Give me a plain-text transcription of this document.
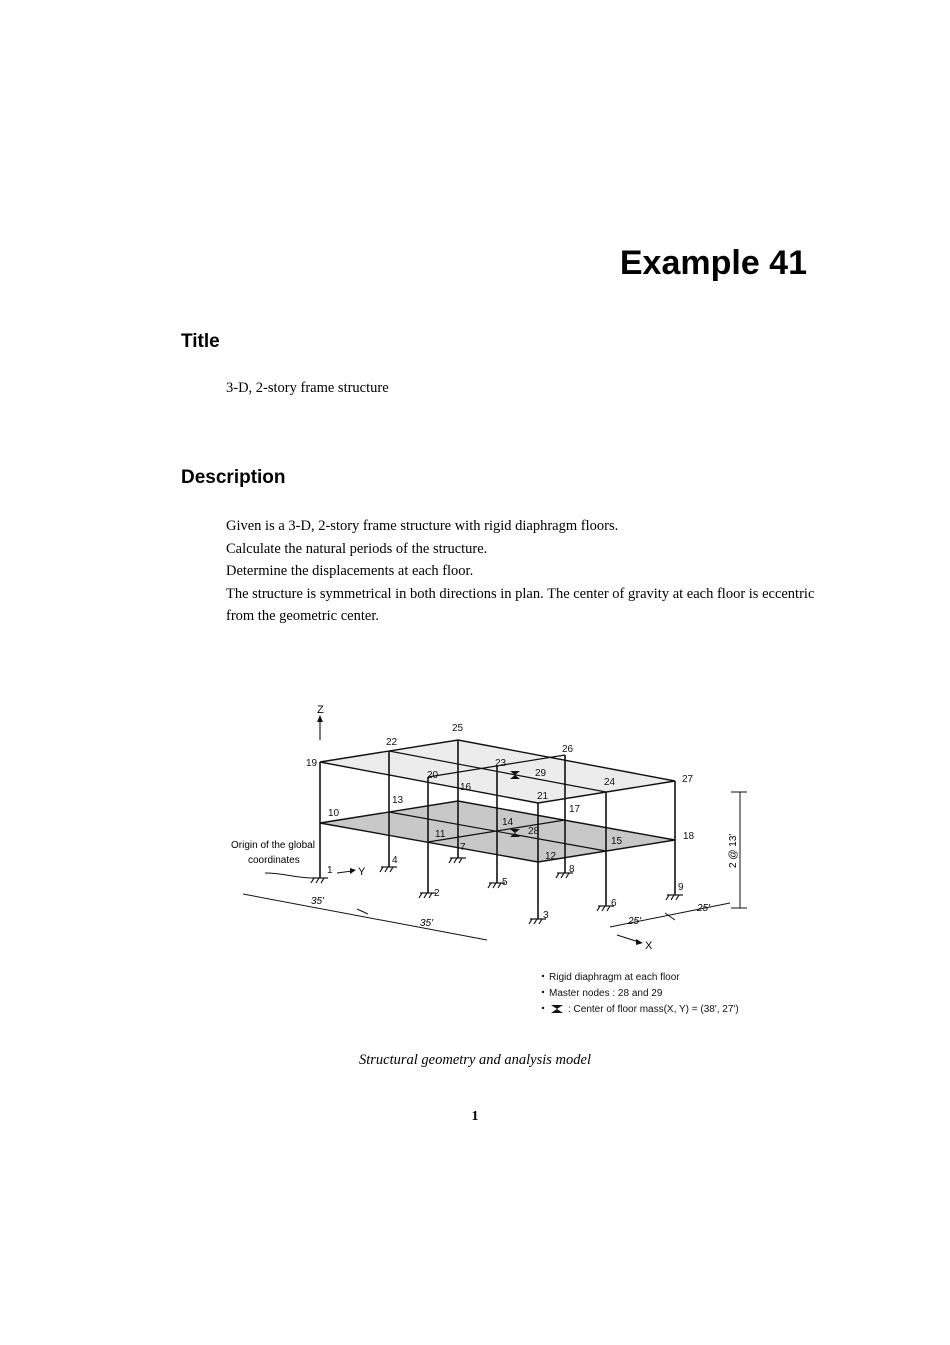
Example 41
Title
3-D, 2-story frame structure
Description

Given is a 3-D, 2-story frame structure with rigid diaphragm floors.

Calculate the natural periods of the structure.

Determine the displacements at each floor.

The structure is symmetrical in both directions in plan. The center of gravity at each floor is eccentric from the geometric center.

Z
Y
X
Origin of the global
coordinates
35'
35'	25'
25'
2 @ 13'
1
2
3
4
5
6
7
8
9
10
11
12
13
14
15
16
17
18
19
20
21
22
23
24
25
26
27
28
29
Rigid diaphragm at each floor
Master nodes : 28 and 29
: Center of floor mass(X, Y) = (38', 27')
Structural geometry and analysis model
1
